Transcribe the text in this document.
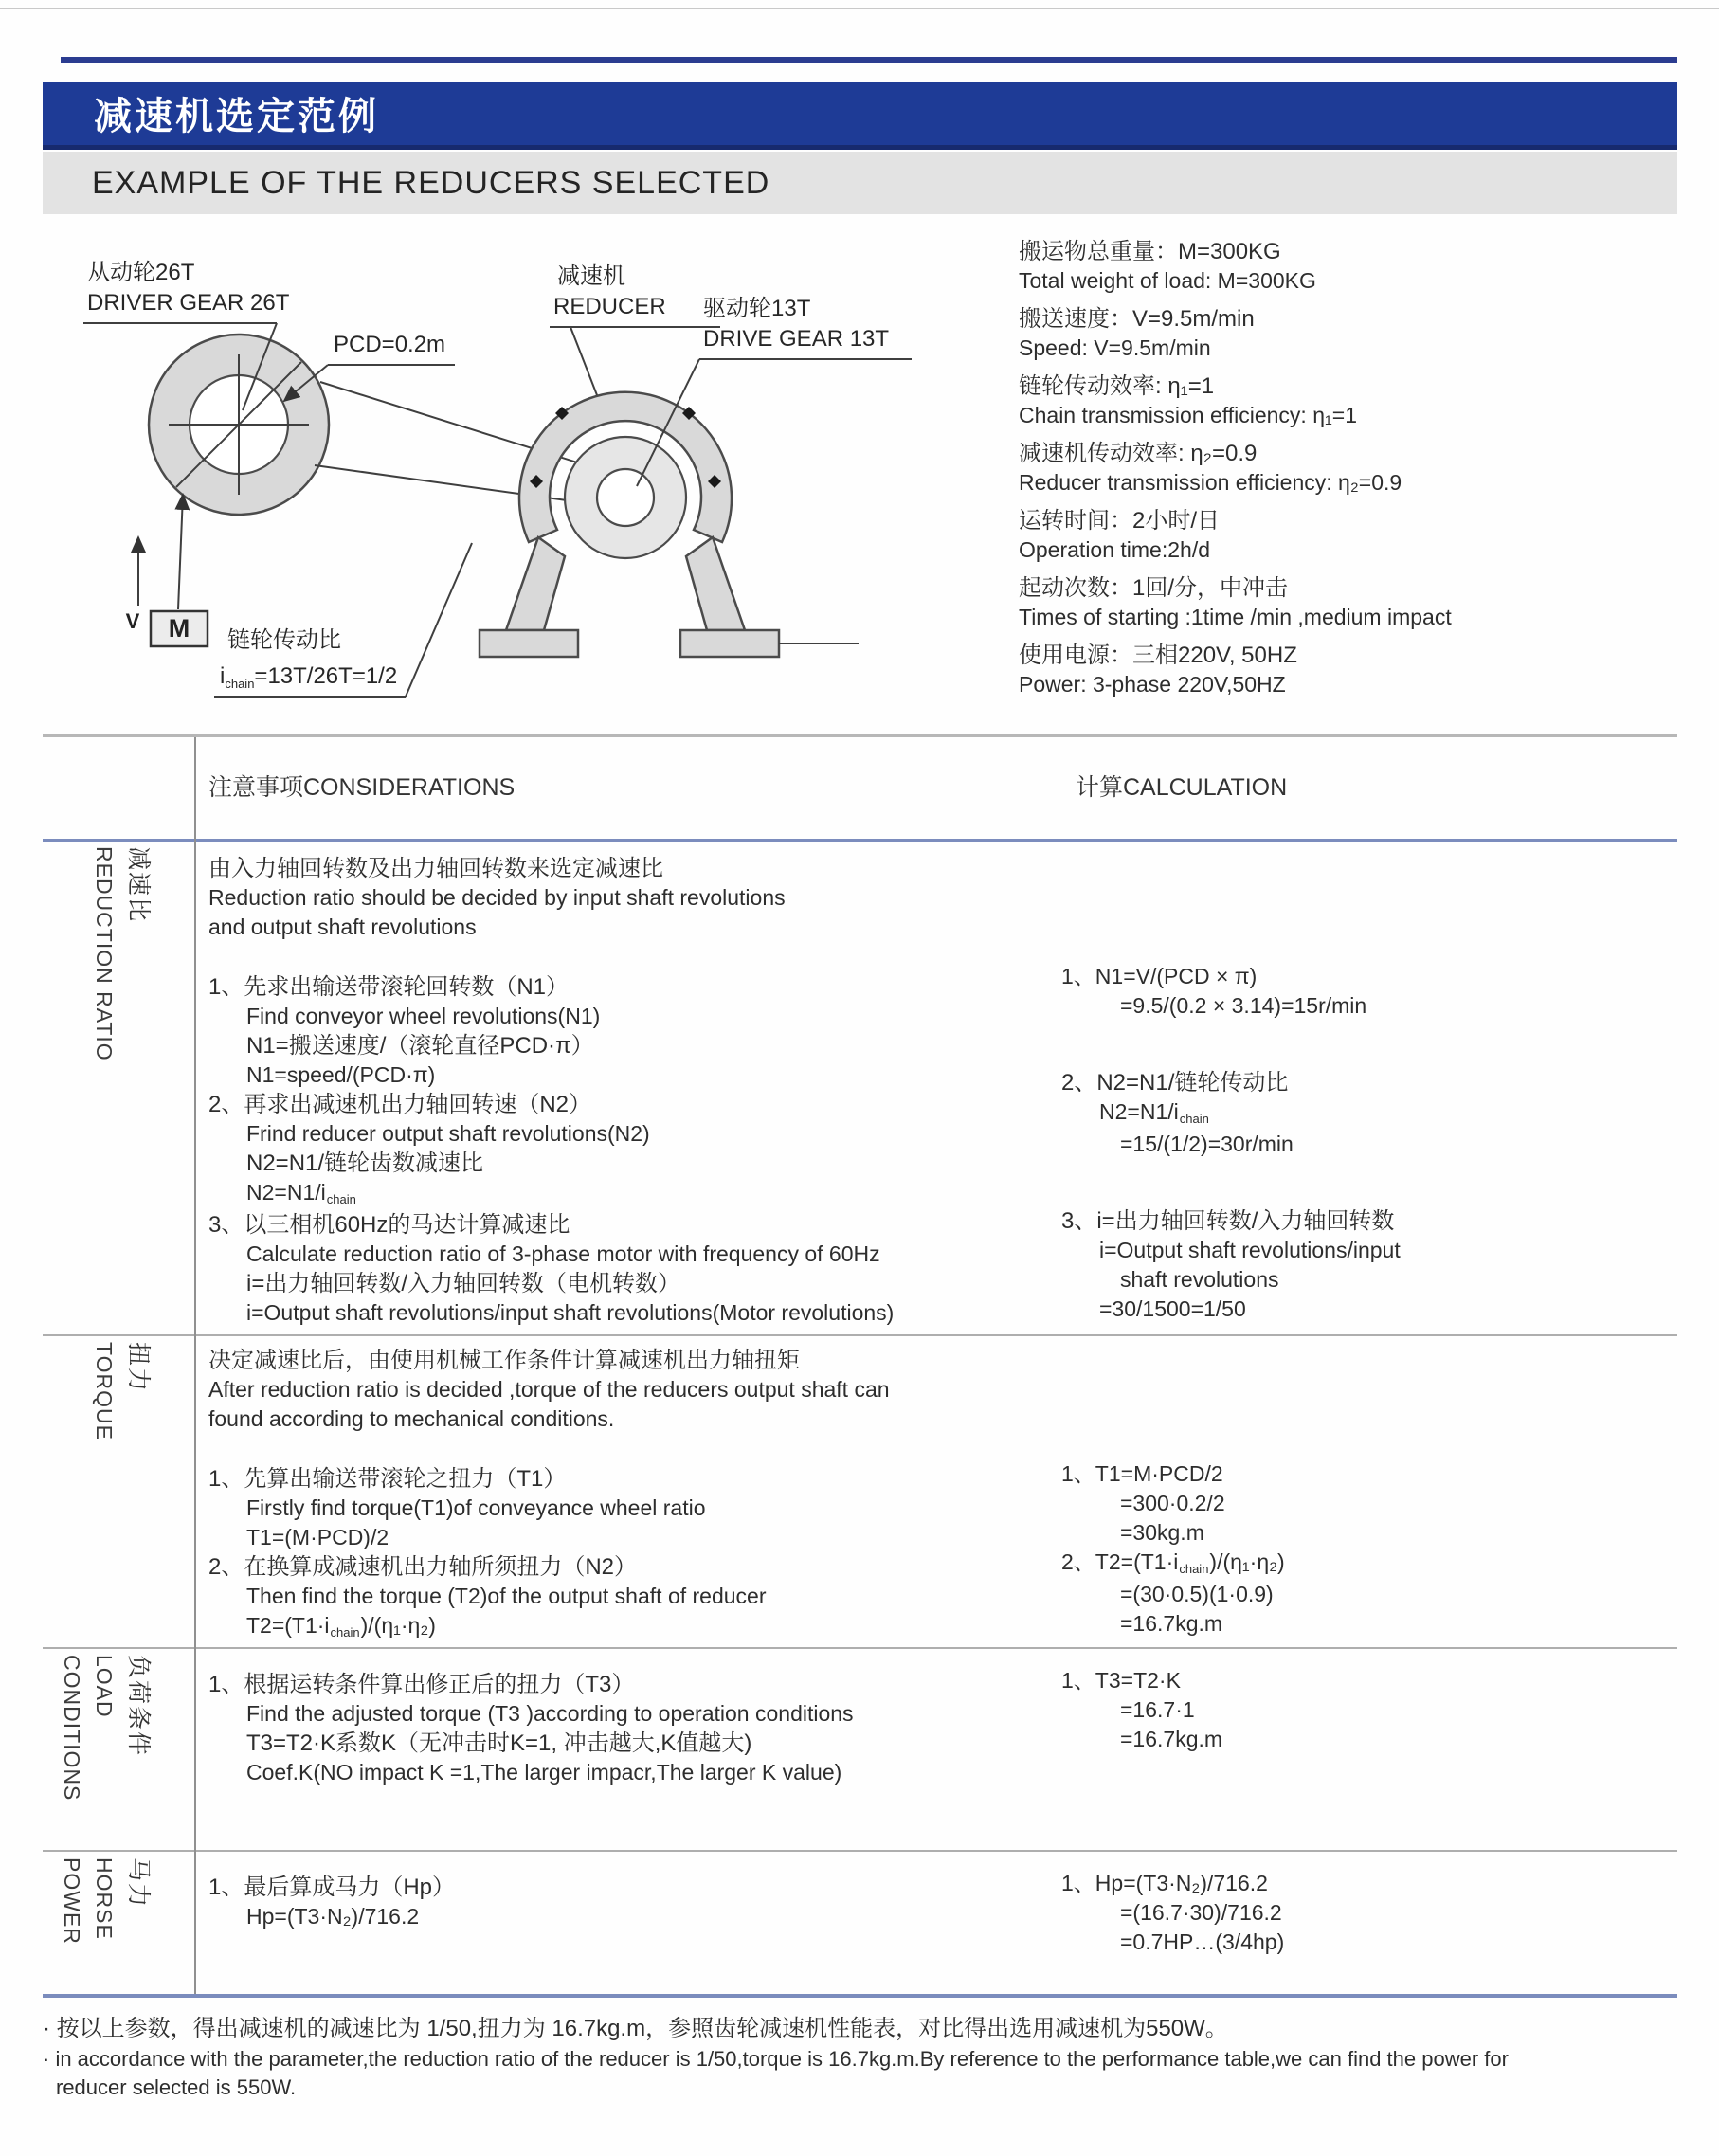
减速机选定范例
EXAMPLE OF THE REDUCERS SELECTED
M
V
从动轮26T
DRIVER GEAR 26T
PCD=0.2m
减速机
REDUCER 驱动轮13T
DRIVE GEAR 13T
链轮传动比
$i_{chain}=13T/26T=1/2$
搬运物总重量：M=300KG
Total weight of load: M=300KG
搬送速度：V=9.5m/min
Speed: V=9.5m/min
链轮传动效率: η₁=1
Chain transmission efficiency: η₁=1
减速机传动效率: η₂=0.9
Reducer transmission efficiency: η₂=0.9
运转时间：2小时/日
Operation time:2h/d
起动次数：1回/分，中冲击
Times of starting :1time /min ,medium impact
使用电源：三相220V, 50HZ
Power: 3-phase 220V,50HZ
注意事项CONSIDERATIONS	计算CALCULATION
减速比
REDUCTION RATIO	由入力轴回转数及出力轴回转数来选定减速比
Reduction ratio should be decided by input shaft revolutions
and output shaft revolutions
1、先求出输送带滚轮回转数（N1）
Find conveyor wheel revolutions(N1)
N1=搬送速度/（滚轮直径PCD·π）
N1=speed/(PCD·π)
2、再求出减速机出力轴回转速（N2）
Frind reducer output shaft revolutions(N2)
N2=N1/链轮齿数减速比
N2=N1/ichain
3、以三相机60Hz的马达计算减速比
Calculate reduction ratio of 3-phase motor with frequency of 60Hz
i=出力轴回转数/入力轴回转数（电机转数）
i=Output shaft revolutions/input shaft revolutions(Motor revolutions)
1、N1=V/(PCD × π)
=9.5/(0.2 × 3.14)=15r/min
2、N2=N1/链轮传动比
N2=N1/ichain
=15/(1/2)=30r/min
3、i=出力轴回转数/入力轴回转数
i=Output shaft revolutions/input
shaft revolutions
=30/1500=1/50
扭力
TORQUE	决定减速比后，由使用机械工作条件计算减速机出力轴扭矩
After reduction ratio is decided ,torque of the reducers output shaft can
found according to mechanical conditions.
1、先算出输送带滚轮之扭力（T1）
Firstly find torque(T1)of conveyance wheel ratio
T1=(M·PCD)/2
2、在换算成减速机出力轴所须扭力（N2）
Then find the torque (T2)of the output shaft of reducer
T2=(T1·ichain)/(η₁·η₂)
1、T1=M·PCD/2
=300·0.2/2
=30kg.m
2、T2=(T1·ichain)/(η₁·η₂)
=(30·0.5)(1·0.9)
=16.7kg.m
负荷条件
LOAD CONDITIONS	1、根据运转条件算出修正后的扭力（T3）
Find the adjusted torque (T3 )according to operation conditions
T3=T2·K系数K（无冲击时K=1, 冲击越大,K值越大)
Coef.K(NO impact K =1,The larger impacr,The larger K value)
1、T3=T2·K
=16.7·1
=16.7kg.m
马力
HORSE POWER	1、最后算成马力（Hp）
Hp=(T3·N₂)/716.2
1、Hp=(T3·N₂)/716.2
=(16.7·30)/716.2
=0.7HP…(3/4hp)
· 按以上参数，得出减速机的减速比为 1/50,扭力为 16.7kg.m，参照齿轮减速机性能表，对比得出选用减速机为550W。
· in accordance with the parameter,the reduction ratio of the reducer is 1/50,torque is 16.7kg.m.By reference to the performance table,we can find the power for
reducer selected is 550W.
